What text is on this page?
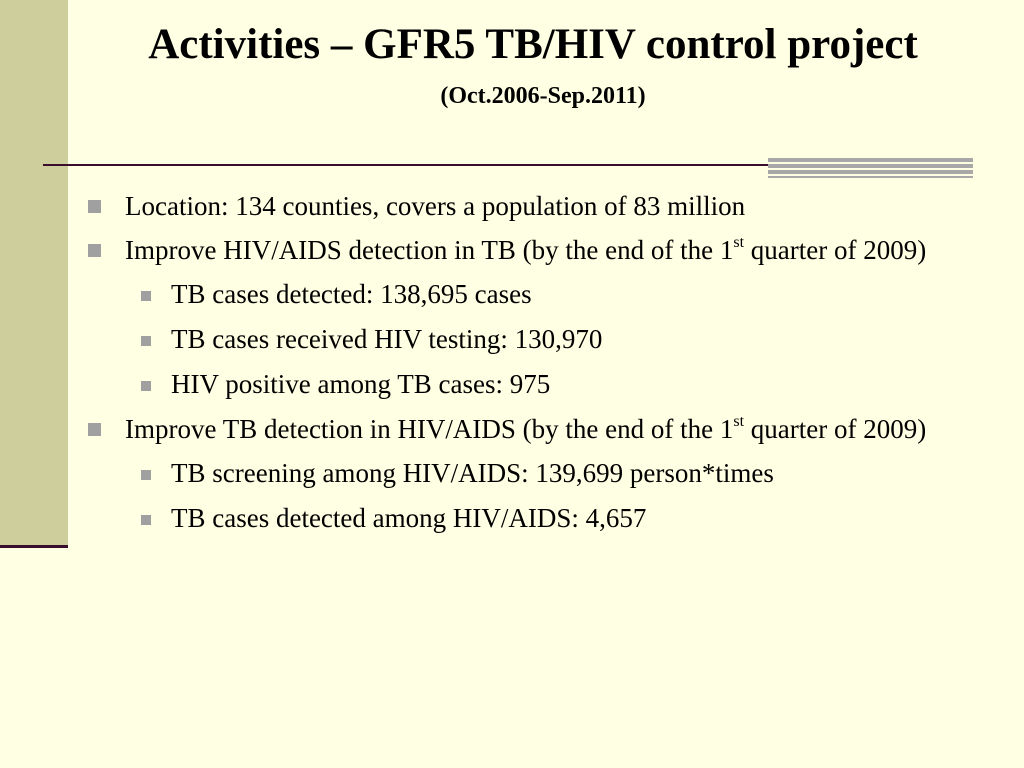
Activities – GFR5 TB/HIV control project
(Oct.2006-Sep.2011)
Location: 134 counties, covers a population of 83 million
Improve HIV/AIDS detection in TB (by the end of the 1st quarter of 2009)
TB cases detected: 138,695 cases
TB cases received HIV testing: 130,970
HIV positive among TB cases: 975
Improve TB detection in HIV/AIDS (by the end of the 1st quarter of 2009)
TB screening among HIV/AIDS: 139,699 person*times
TB cases detected among HIV/AIDS: 4,657
